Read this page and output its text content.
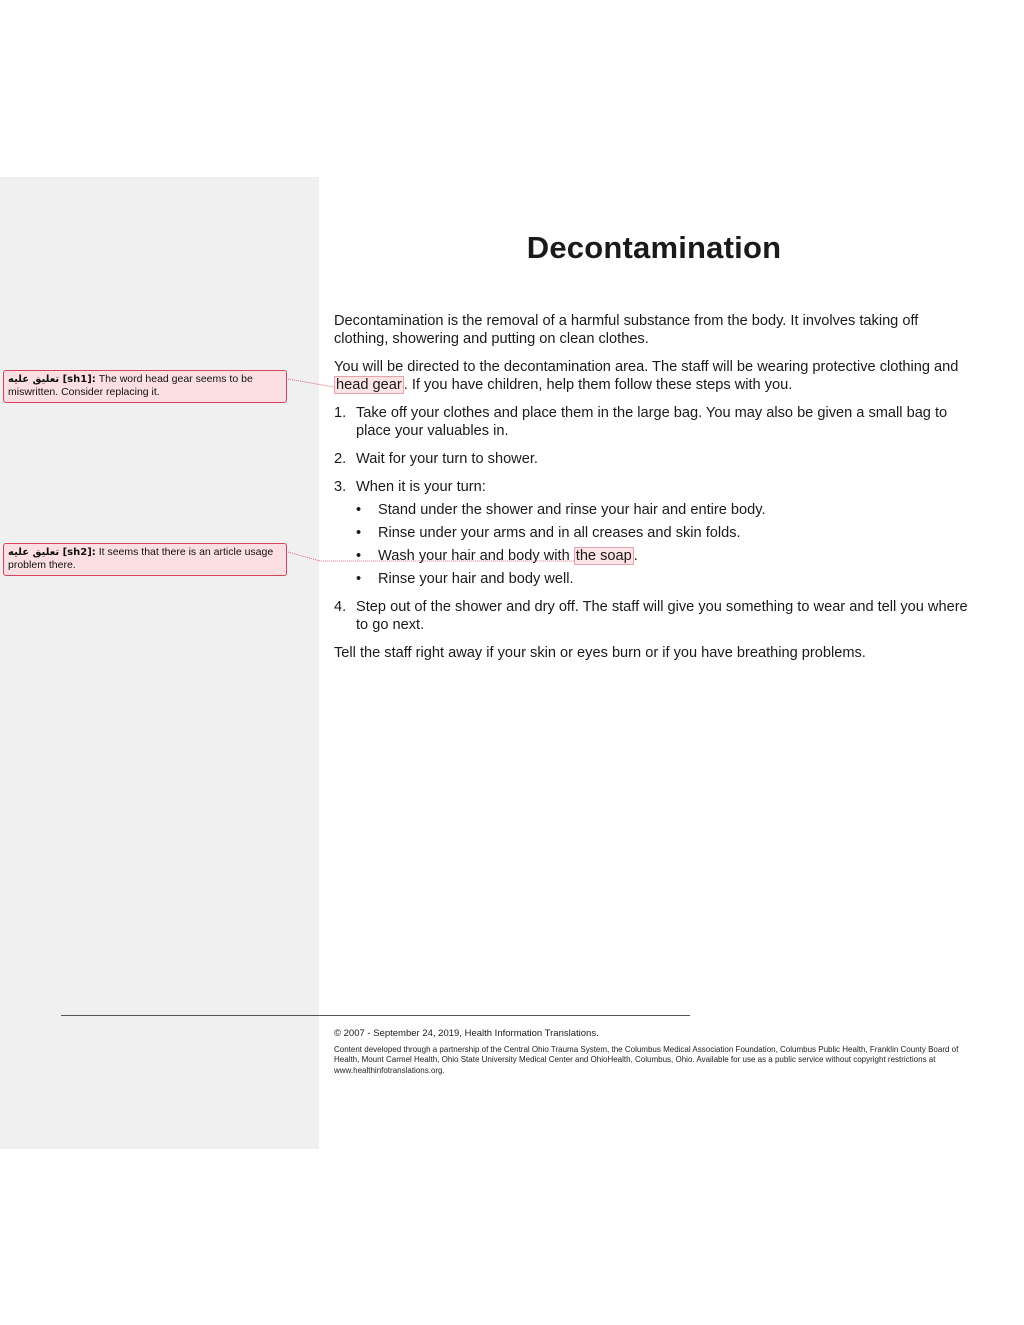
تعليق عليه [sh1]: The word head gear seems to be miswritten. Consider replacing it.
تعليق عليه [sh2]: It seems that there is an article usage problem there.
Decontamination

Decontamination is the removal of a harmful substance from the body. It involves taking off clothing, showering and putting on clean clothes.

You will be directed to the decontamination area. The staff will be wearing protective clothing and head gear . If you have children, help them follow these steps with you.

1. Take off your clothes and place them in the large bag. You may also be given a small bag to place your valuables in.
2. Wait for your turn to shower.
3. When it is your turn:
• Stand under the shower and rinse your hair and entire body.
• Rinse under your arms and in all creases and skin folds.
• Wash your hair and body with the soap .
• Rinse your hair and body well.
4. Step out of the shower and dry off. The staff will give you something to wear and tell you where to go next.

Tell the staff right away if your skin or eyes burn or if you have breathing problems.

© 2007 - September 24, 2019, Health Information Translations.

Content developed through a partnership of the Central Ohio Trauma System, the Columbus Medical Association Foundation, Columbus Public Health, Franklin County Board of Health, Mount Carmel Health, Ohio State University Medical Center and OhioHealth, Columbus, Ohio. Available for use as a public service without copyright restrictions at www.healthinfotranslations.org.
